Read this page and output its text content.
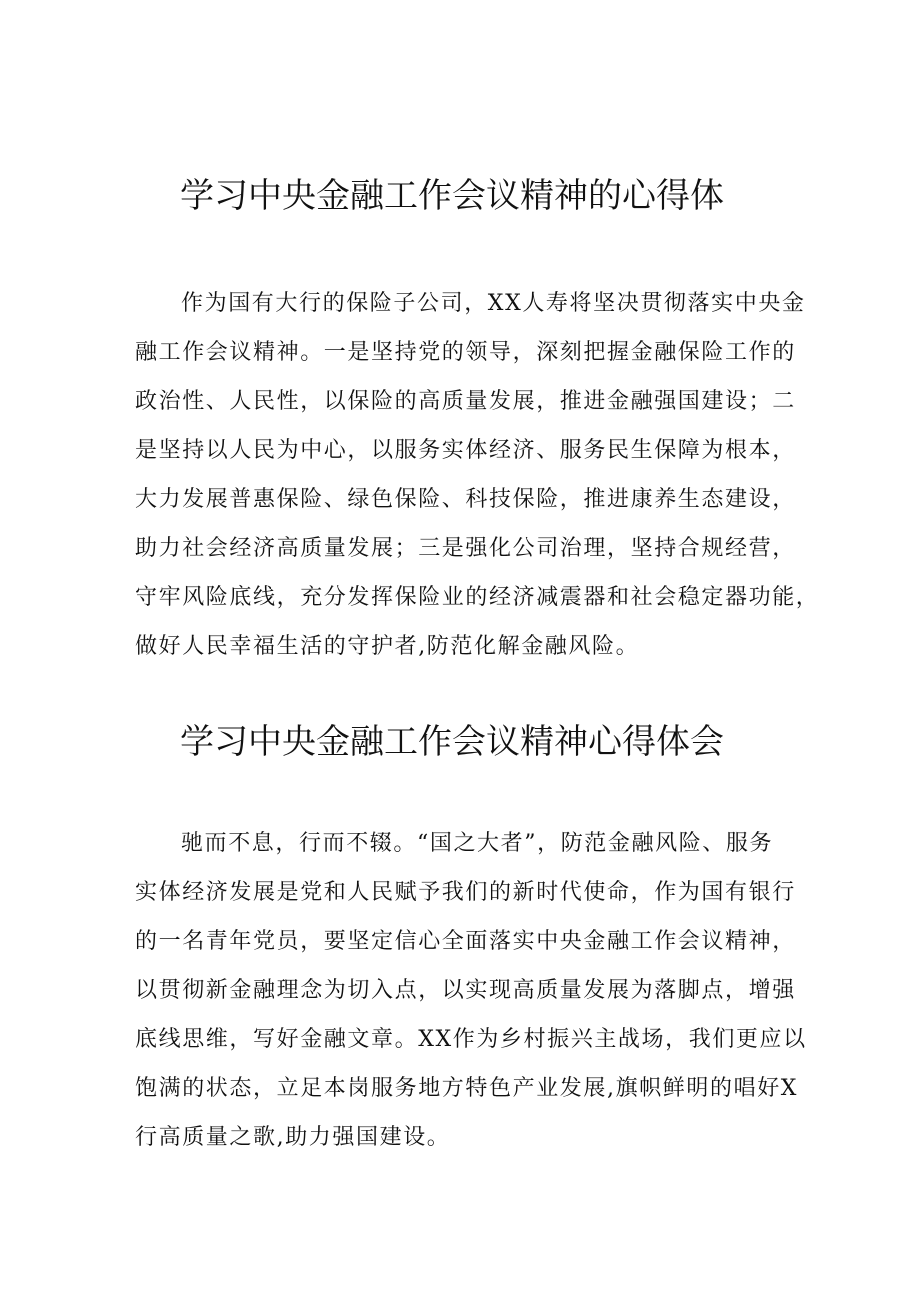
学习中央金融工作会议精神的心得体
作为国有大行的保险子公司，XX人寿将坚决贯彻落实中央金
融工作会议精神。一是坚持党的领导，深刻把握金融保险工作的
政治性、人民性，以保险的高质量发展，推进金融强国建设；二
是坚持以人民为中心，以服务实体经济、服务民生保障为根本，
大力发展普惠保险、绿色保险、科技保险，推进康养生态建设，
助力社会经济高质量发展；三是强化公司治理，坚持合规经营，
守牢风险底线，充分发挥保险业的经济减震器和社会稳定器功能，
做好人民幸福生活的守护者,防范化解金融风险。
学习中央金融工作会议精神心得体会
驰而不息，行而不辍。“国之大者”，防范金融风险、服务
实体经济发展是党和人民赋予我们的新时代使命，作为国有银行
的一名青年党员，要坚定信心全面落实中央金融工作会议精神，
以贯彻新金融理念为切入点，以实现高质量发展为落脚点，增强
底线思维，写好金融文章。XX作为乡村振兴主战场，我们更应以
饱满的状态，立足本岗服务地方特色产业发展,旗帜鲜明的唱好X
行高质量之歌,助力强国建设。
